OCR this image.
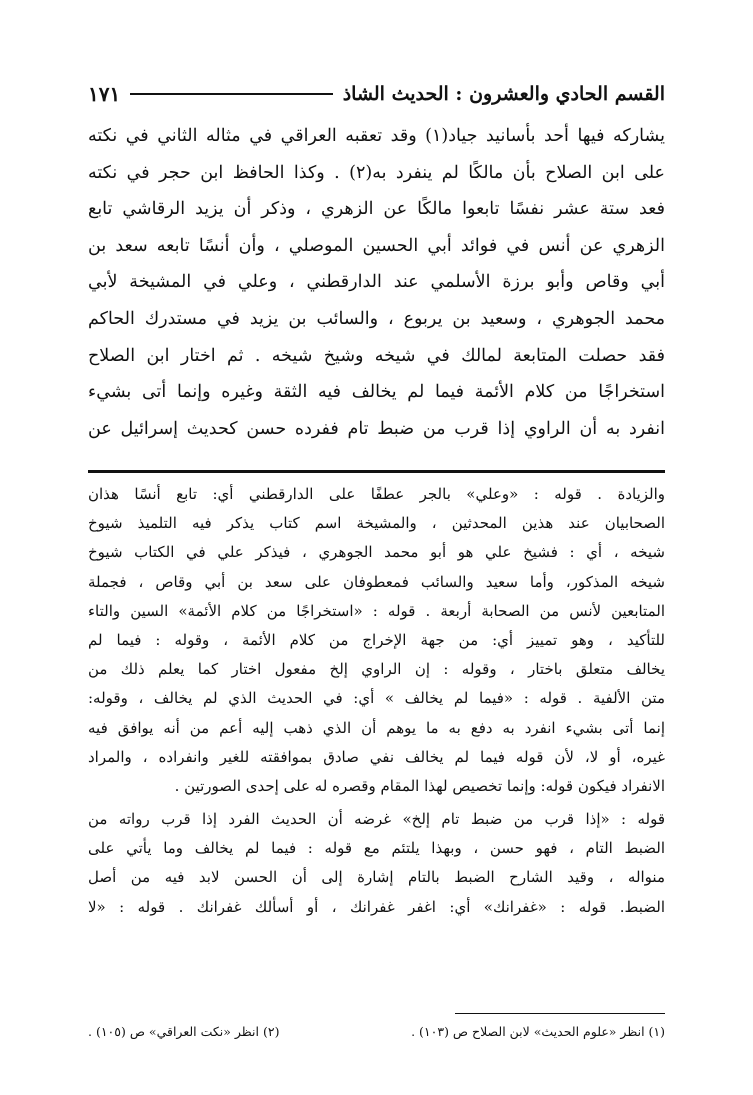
القسم الحادي والعشرون : الحديث الشاذ
١٧١
يشاركه فيها أحد بأسانيد جياد(١) وقد تعقبه العراقي في مثاله الثاني في نكته
على ابن الصلاح بأن مالكًا لم ينفرد به(٢) . وكذا الحافظ ابن حجر في نكته
فعد ستة عشر نفسًا تابعوا مالكًا عن الزهري ، وذكر أن يزيد الرقاشي تابع
الزهري عن أنس في فوائد أبي الحسين الموصلي ، وأن أنسًا تابعه سعد بن
أبي وقاص وأبو برزة الأسلمي عند الدارقطني ، وعلي في المشيخة لأبي
محمد الجوهري ، وسعيد بن يربوع ، والسائب بن يزيد في مستدرك الحاكم
فقد حصلت المتابعة لمالك في شيخه وشيخ شيخه . ثم اختار ابن الصلاح
استخراجًا من كلام الأئمة فيما لم يخالف فيه الثقة وغيره وإنما أتى بشيء
انفرد به أن الراوي إذا قرب من ضبط تام ففرده حسن كحديث إسرائيل عن
والزيادة . قوله : «وعلي» بالجر عطفًا على الدارقطني أي: تابع أنسًا هذان
الصحابيان عند هذين المحدثين ، والمشيخة اسم كتاب يذكر فيه التلميذ شيوخ
شيخه ، أي : فشيخ علي هو أبو محمد الجوهري ، فيذكر علي في الكتاب شيوخ
شيخه المذكور، وأما سعيد والسائب فمعطوفان على سعد بن أبي وقاص ، فجملة
المتابعين لأنس من الصحابة أربعة . قوله : «استخراجًا من كلام الأئمة» السين والتاء
للتأكيد ، وهو تمييز أي: من جهة الإخراج من كلام الأئمة ، وقوله : فيما لم
يخالف متعلق باختار ، وقوله : إن الراوي إلخ مفعول اختار كما يعلم ذلك من
متن الألفية . قوله : «فيما لم يخالف » أي: في الحديث الذي لم يخالف ، وقوله:
إنما أتى بشيء انفرد به دفع به ما يوهم أن الذي ذهب إليه أعم من أنه يوافق فيه
غيره، أو لا، لأن قوله فيما لم يخالف نفي صادق بموافقته للغير وانفراده ، والمراد
الانفراد فيكون قوله: وإنما تخصيص لهذا المقام وقصره له على إحدى الصورتين .
قوله : «إذا قرب من ضبط تام إلخ» غرضه أن الحديث الفرد إذا قرب رواته من
الضبط التام ، فهو حسن ، وبهذا يلتئم مع قوله : فيما لم يخالف وما يأتي على
منواله ، وقيد الشارح الضبط بالتام إشارة إلى أن الحسن لابد فيه من أصل
الضبط. قوله : «غفرانك» أي: اغفر غفرانك ، أو أسألك غفرانك . قوله : «لا
(١) انظر «علوم الحديث» لابن الصلاح ص (١٠٣) .
(٢) انظر «نكت العراقي» ص (١٠٥) .
